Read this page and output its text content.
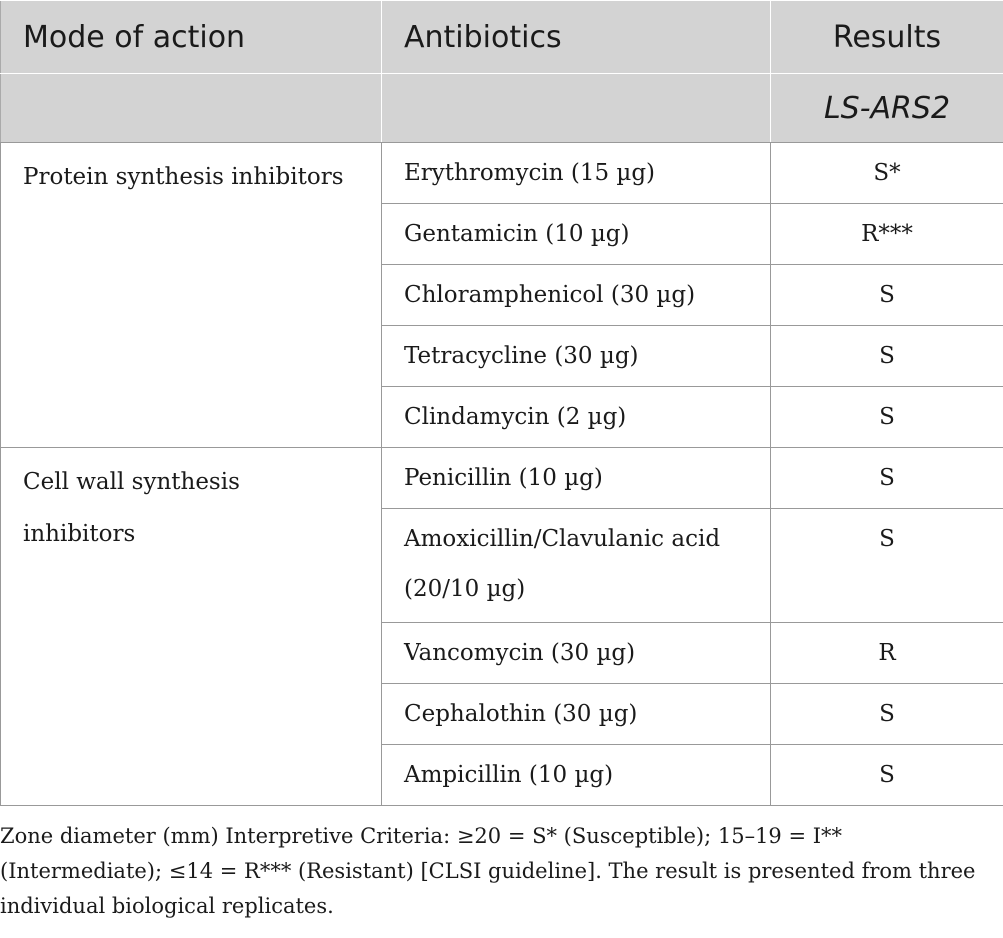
Mode of action	Antibiotics	Results
		LS-ARS2
Protein synthesis inhibitors	Erythromycin (15 µg)	S*
	Gentamicin (10 µg)	R***
	Chloramphenicol (30 µg)	S
	Tetracycline (30 µg)	S
	Clindamycin (2 µg)	S
Cell wall synthesis inhibitors	Penicillin (10 µg)	S
	Amoxicillin/Clavulanic acid (20/10 µg)	S
	Vancomycin (30 µg)	R
	Cephalothin (30 µg)	S
	Ampicillin (10 µg)	S
Zone diameter (mm) Interpretive Criteria: ≥20 = S* (Susceptible); 15–19 = I** (Intermediate); ≤14 = R*** (Resistant) [CLSI guideline]. The result is presented from three individual biological replicates.
